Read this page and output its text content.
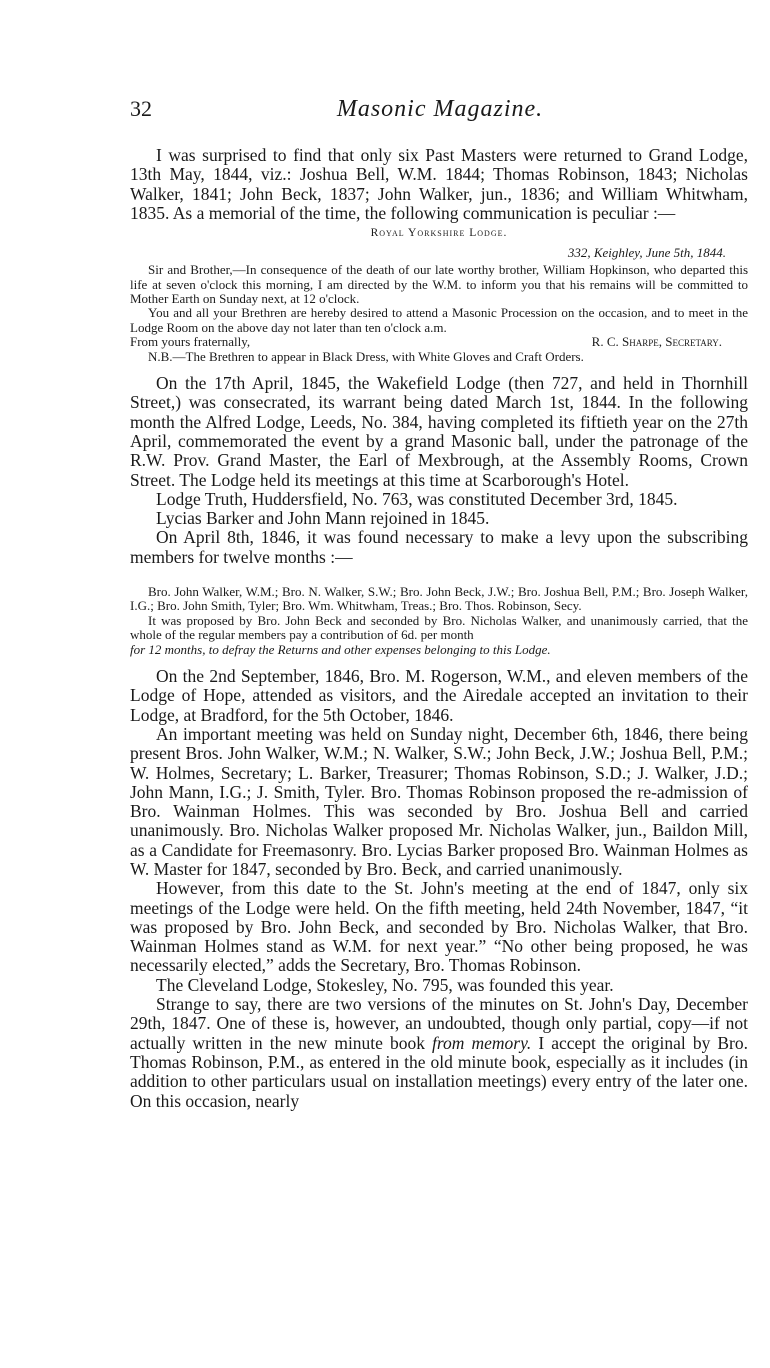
32	Masonic Magazine.

I was surprised to find that only six Past Masters were returned to Grand Lodge, 13th May, 1844, viz.: Joshua Bell, W.M. 1844; Thomas Robinson, 1843; Nicholas Walker, 1841; John Beck, 1837; John Walker, jun., 1836; and William Whitwham, 1835. As a memorial of the time, the following communication is peculiar :—

Royal Yorkshire Lodge.
332, Keighley, June 5th, 1844.

Sir and Brother,—In consequence of the death of our late worthy brother, William Hopkinson, who departed this life at seven o'clock this morning, I am directed by the W.M. to inform you that his remains will be committed to Mother Earth on Sunday next, at 12 o'clock.

You and all your Brethren are hereby desired to attend a Masonic Procession on the occasion, and to meet in the Lodge Room on the above day not later than ten o'clock a.m.

From yours fraternally,	R. C. Sharpe, Secretary.

N.B.—The Brethren to appear in Black Dress, with White Gloves and Craft Orders.

On the 17th April, 1845, the Wakefield Lodge (then 727, and held in Thornhill Street,) was consecrated, its warrant being dated March 1st, 1844. In the following month the Alfred Lodge, Leeds, No. 384, having completed its fiftieth year on the 27th April, commemorated the event by a grand Masonic ball, under the patronage of the R.W. Prov. Grand Master, the Earl of Mexbrough, at the Assembly Rooms, Crown Street. The Lodge held its meetings at this time at Scarborough's Hotel.

Lodge Truth, Huddersfield, No. 763, was constituted December 3rd, 1845.

Lycias Barker and John Mann rejoined in 1845.

On April 8th, 1846, it was found necessary to make a levy upon the subscribing members for twelve months :—

Bro. John Walker, W.M.; Bro. N. Walker, S.W.; Bro. John Beck, J.W.; Bro. Joshua Bell, P.M.; Bro. Joseph Walker, I.G.; Bro. John Smith, Tyler; Bro. Wm. Whitwham, Treas.; Bro. Thos. Robinson, Secy.

It was proposed by Bro. John Beck and seconded by Bro. Nicholas Walker, and unanimously carried, that the whole of the regular members pay a contribution of 6d. per month

for 12 months, to defray the Returns and other expenses belonging to this Lodge.

On the 2nd September, 1846, Bro. M. Rogerson, W.M., and eleven members of the Lodge of Hope, attended as visitors, and the Airedale accepted an invitation to their Lodge, at Bradford, for the 5th October, 1846.

An important meeting was held on Sunday night, December 6th, 1846, there being present Bros. John Walker, W.M.; N. Walker, S.W.; John Beck, J.W.; Joshua Bell, P.M.; W. Holmes, Secretary; L. Barker, Treasurer; Thomas Robinson, S.D.; J. Walker, J.D.; John Mann, I.G.; J. Smith, Tyler. Bro. Thomas Robinson proposed the re-admission of Bro. Wainman Holmes. This was seconded by Bro. Joshua Bell and carried unanimously. Bro. Nicholas Walker proposed Mr. Nicholas Walker, jun., Baildon Mill, as a Candidate for Freemasonry. Bro. Lycias Barker proposed Bro. Wainman Holmes as W. Master for 1847, seconded by Bro. Beck, and carried unanimously.

However, from this date to the St. John's meeting at the end of 1847, only six meetings of the Lodge were held. On the fifth meeting, held 24th November, 1847, “it was proposed by Bro. John Beck, and seconded by Bro. Nicholas Walker, that Bro. Wainman Holmes stand as W.M. for next year.” “No other being proposed, he was necessarily elected,” adds the Secretary, Bro. Thomas Robinson.

The Cleveland Lodge, Stokesley, No. 795, was founded this year.

Strange to say, there are two versions of the minutes on St. John's Day, December 29th, 1847. One of these is, however, an undoubted, though only partial, copy—if not actually written in the new minute book from memory. I accept the original by Bro. Thomas Robinson, P.M., as entered in the old minute book, especially as it includes (in addition to other particulars usual on installation meetings) every entry of the later one. On this occasion, nearly
